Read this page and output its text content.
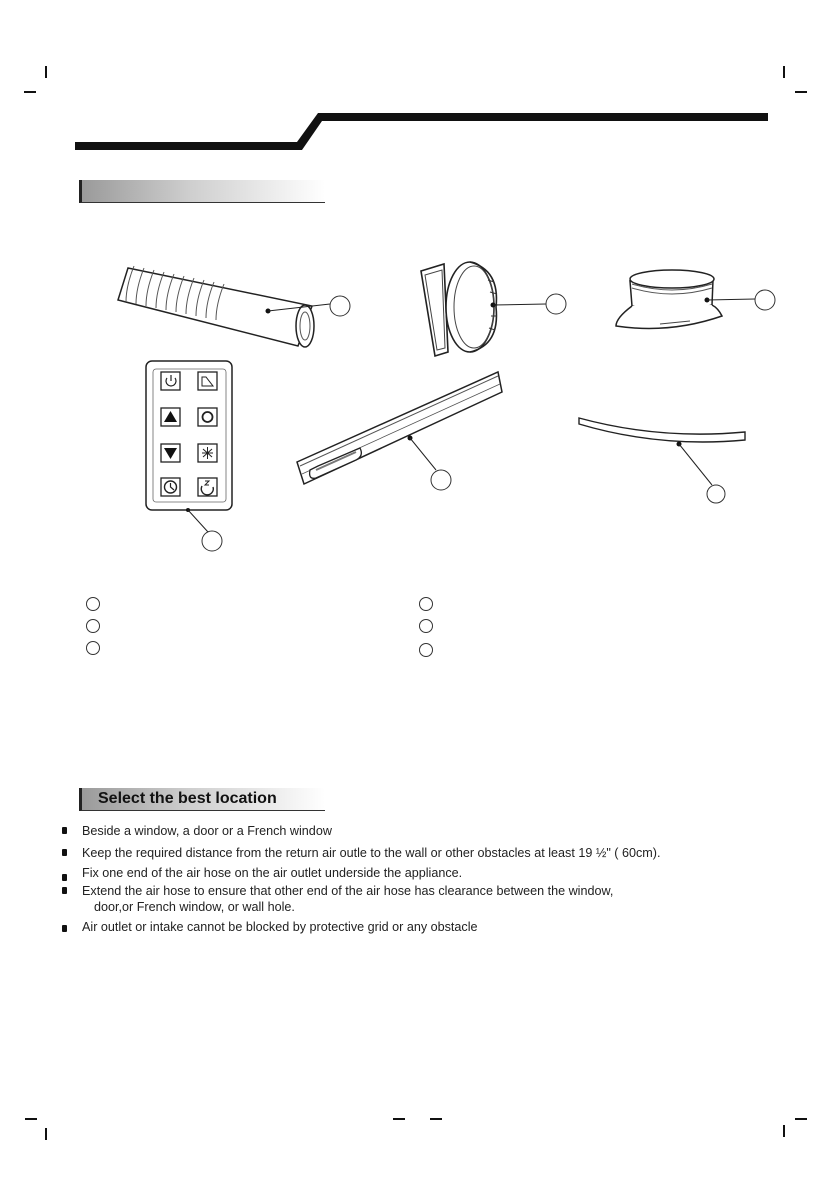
Select the best location
Beside a window, a door or a French window
Keep the required distance from the return air outle to the wall or other obstacles at least 19 ½" ( 60cm).
Fix one end of the air hose on the air outlet underside the appliance.
Extend the air hose to ensure that other end of the air hose has clearance between the window,
door,or French window, or wall hole.
Air outlet or intake cannot be blocked by protective grid or any obstacle
